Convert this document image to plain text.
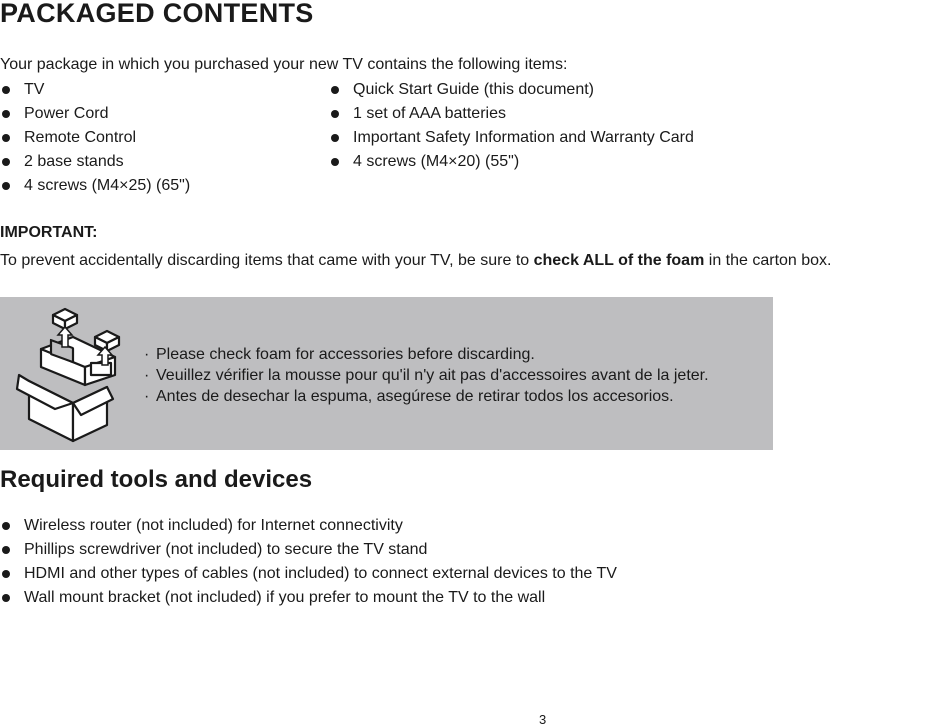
PACKAGED CONTENTS

Your package in which you purchased your new TV contains the following items:

TV
Power Cord
Remote Control
2 base stands
4 screws (M4×25) (65")
Quick Start Guide (this document)
1 set of AAA batteries
Important Safety Information and Warranty Card
4 screws (M4×20) (55")

IMPORTANT:

To prevent accidentally discarding items that came with your TV, be sure to check ALL of the foam in the carton box.

· Please check foam for accessories before discarding.
· Veuillez vérifier la mousse pour qu'il n'y ait pas d'accessoires avant de la jeter.
· Antes de desechar la espuma, asegúrese de retirar todos los accesorios.
Required tools and devices
Wireless router (not included) for Internet connectivity
Phillips screwdriver (not included) to secure the TV stand
HDMI and other types of cables (not included) to connect external devices to the TV
Wall mount bracket (not included) if you prefer to mount the TV to the wall
3
